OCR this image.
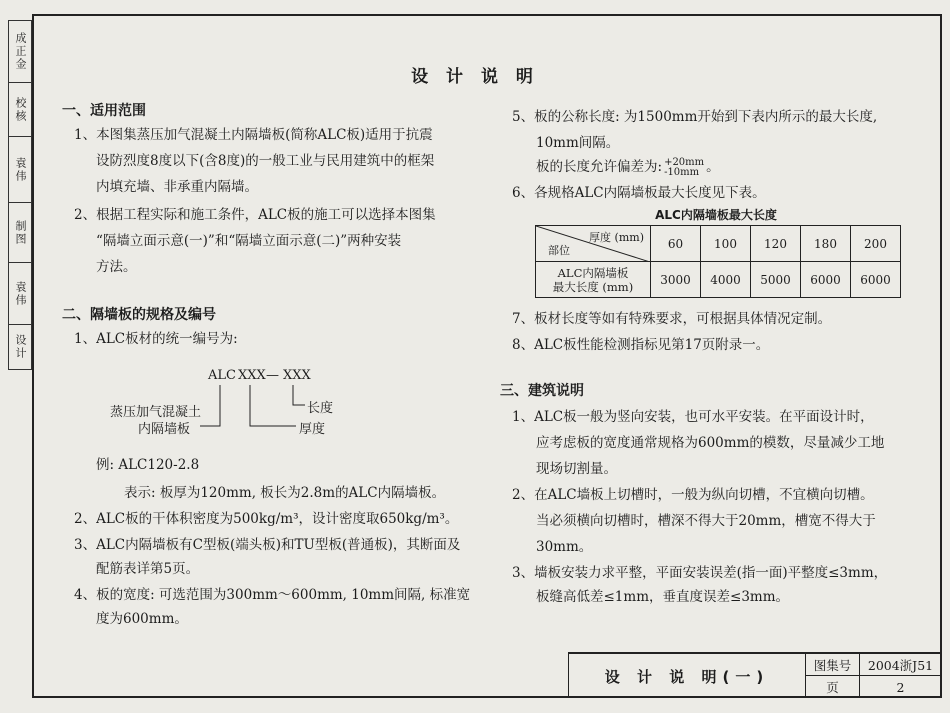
成正金
校核
袁伟
制图
袁伟
设计
设 计 说 明
一、适用范围
1、本图集蒸压加气混凝土内隔墙板(简称ALC板)适用于抗震
设防烈度8度以下(含8度)的一般工业与民用建筑中的框架
内填充墙、非承重内隔墙。
2、根据工程实际和施工条件，ALC板的施工可以选择本图集
“隔墙立面示意(一)”和“隔墙立面示意(二)”两种安装
方法。
二、隔墙板的规格及编号
1、ALC板材的统一编号为:
ALC XXX — XXX
长度
厚度
蒸压加气混凝土
内隔墙板
例: ALC120-2.8
表示: 板厚为120mm, 板长为2.8m的ALC内隔墙板。
2、ALC板的干体积密度为500kg/m³，设计密度取650kg/m³。
3、ALC内隔墙板有C型板(端头板)和TU型板(普通板)，其断面及
配筋表详第5页。
4、板的宽度: 可选范围为300mm～600mm, 10mm间隔, 标准宽
度为600mm。
5、板的公称长度: 为1500mm开始到下表内所示的最大长度,
10mm间隔。
板的长度允许偏差为: +20mm
-10mm 。
6、各规格ALC内隔墙板最大长度见下表。
ALC内隔墙板最大长度
厚度 (mm)
部位	60	100	120	180	200
ALC内隔墙板
最大长度 (mm)	3000	4000	5000	6000	6000
7、板材长度等如有特殊要求，可根据具体情况定制。
8、ALC板性能检测指标见第17页附录一。
三、建筑说明
1、ALC板一般为竖向安装，也可水平安装。在平面设计时，
应考虑板的宽度通常规格为600mm的模数，尽量减少工地
现场切割量。
2、在ALC墙板上切槽时，一般为纵向切槽，不宜横向切槽。
当必须横向切槽时，槽深不得大于20mm，槽宽不得大于
30mm。
3、墙板安装力求平整，平面安装误差(指一面)平整度≤3mm，
板缝高低差≤1mm，垂直度误差≤3mm。
设 计 说 明(一)
图集号	2004浙J51
页	2
